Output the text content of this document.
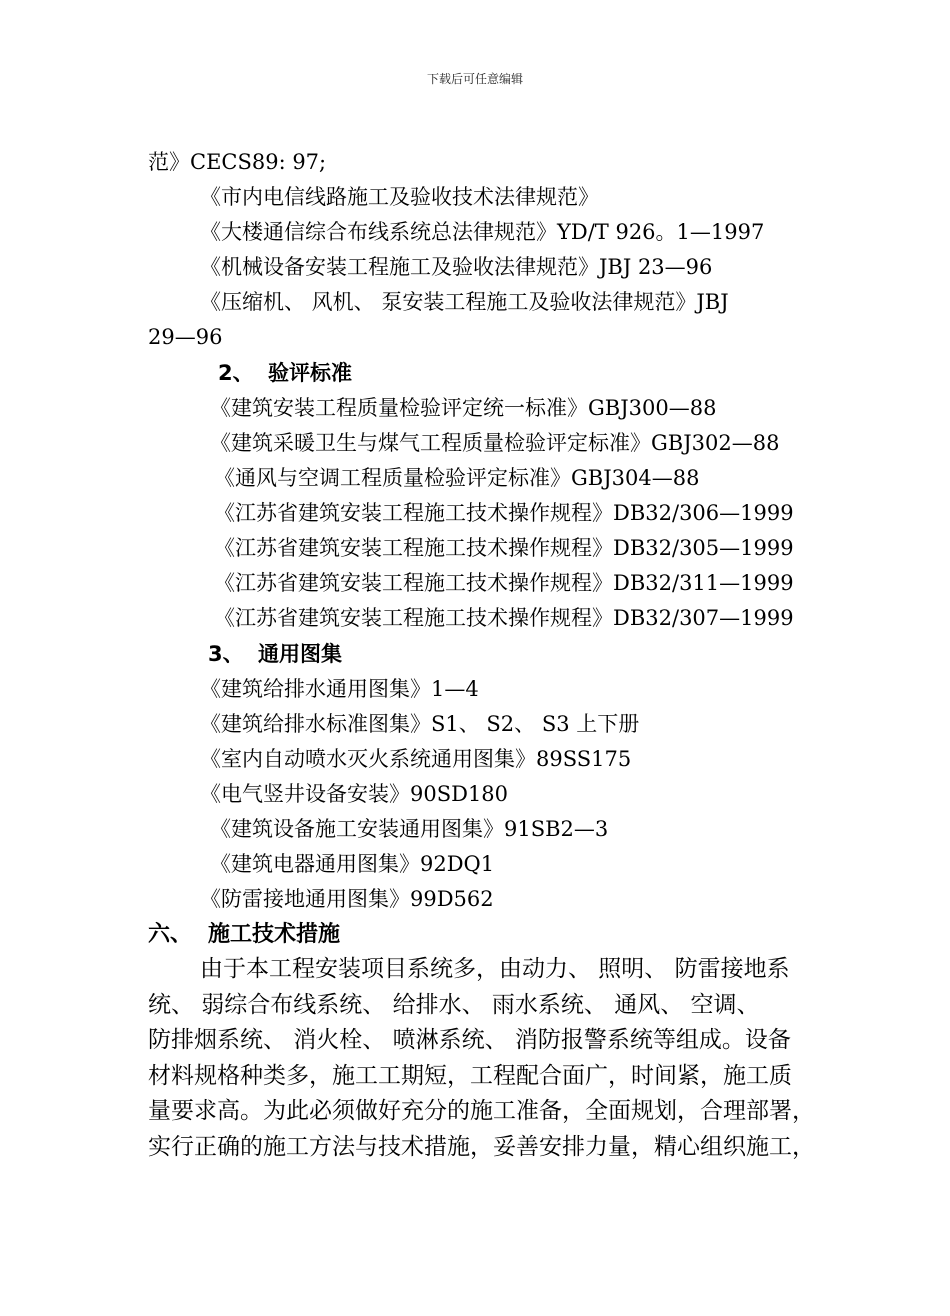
下载后可任意编辑
范》CECS89: 97;
《市内电信线路施工及验收技术法律规范》
《大楼通信综合布线系统总法律规范》YD/T 926。1—1997
《机械设备安装工程施工及验收法律规范》JBJ 23—96
《压缩机、 风机、 泵安装工程施工及验收法律规范》JBJ
29—96
2、 验评标准
《建筑安装工程质量检验评定统一标准》GBJ300—88
《建筑采暖卫生与煤气工程质量检验评定标准》GBJ302—88
《通风与空调工程质量检验评定标准》GBJ304—88
《江苏省建筑安装工程施工技术操作规程》DB32/306—1999
《江苏省建筑安装工程施工技术操作规程》DB32/305—1999
《江苏省建筑安装工程施工技术操作规程》DB32/311—1999
《江苏省建筑安装工程施工技术操作规程》DB32/307—1999
3、 通用图集
《建筑给排水通用图集》1—4
《建筑给排水标准图集》S1、 S2、 S3 上下册
《室内自动喷水灭火系统通用图集》89SS175
《电气竖井设备安装》90SD180
《建筑设备施工安装通用图集》91SB2—3
《建筑电器通用图集》92DQ1
《防雷接地通用图集》99D562
六、 施工技术措施
由于本工程安装项目系统多，由动力、 照明、 防雷接地系
统、 弱综合布线系统、 给排水、 雨水系统、 通风、 空调、
防排烟系统、 消火栓、 喷淋系统、 消防报警系统等组成。设备
材料规格种类多，施工工期短，工程配合面广，时间紧，施工质
量要求高。为此必须做好充分的施工准备，全面规划，合理部署，
实行正确的施工方法与技术措施，妥善安排力量，精心组织施工，
